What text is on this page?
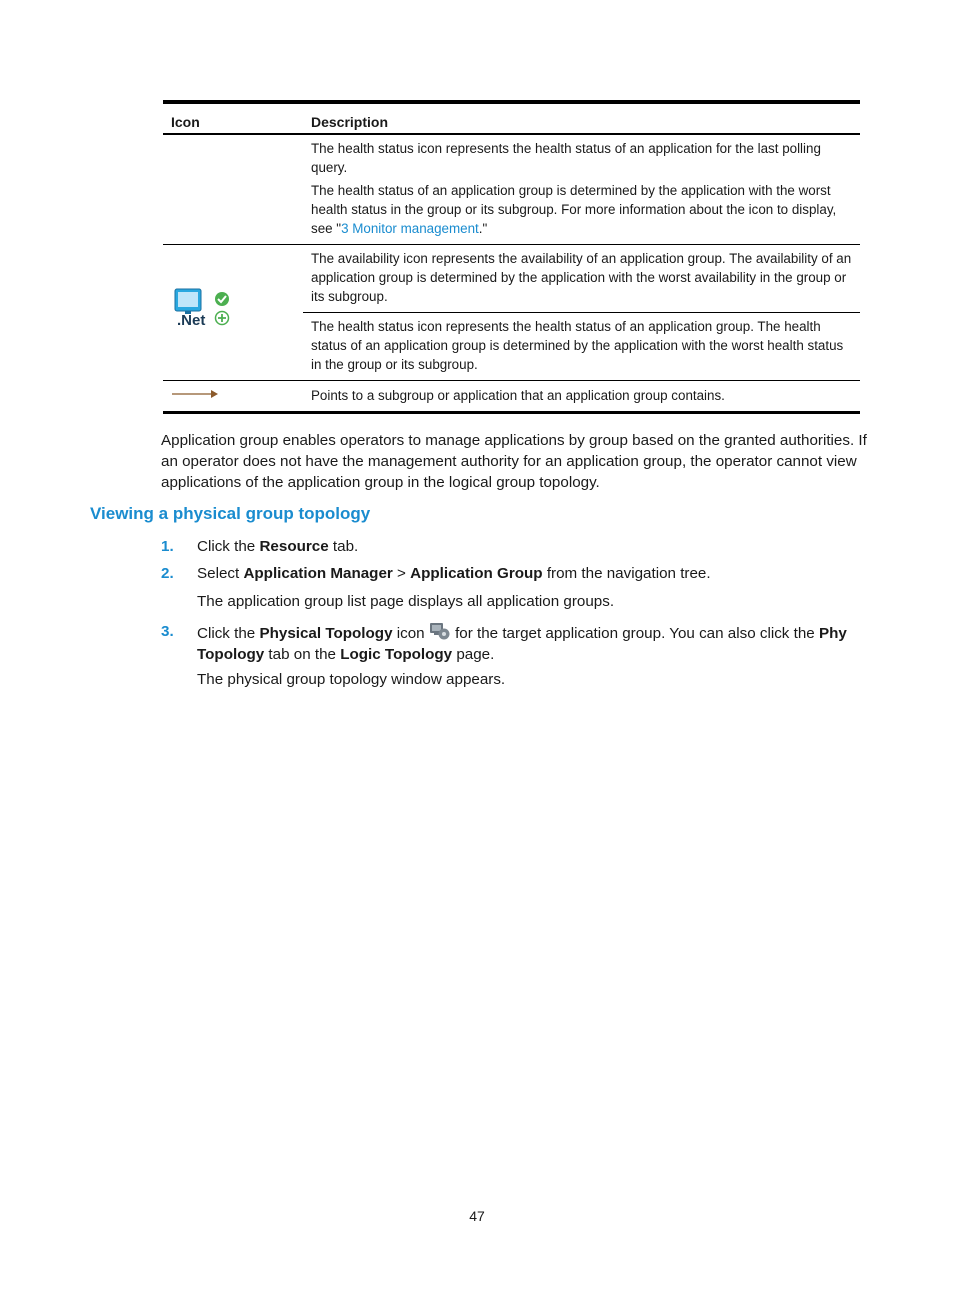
Icon	Description

	The health status icon represents the health status of an application for the last polling query.

The health status of an application group is determined by the application with the worst health status in the group or its subgroup. For more information about the icon to display, see "3 Monitor management."

.Net	The availability icon represents the availability of an application group. The availability of an application group is determined by the application with the worst availability in the group or its subgroup.

	The health status icon represents the health status of an application group. The health status of an application group is determined by the application with the worst health status in the group or its subgroup.

	Points to a subgroup or application that an application group contains.

Application group enables operators to manage applications by group based on the granted authorities. If an operator does not have the management authority for an application group, the operator cannot view applications of the application group in the logical group topology.

Viewing a physical group topology
1. Click the Resource tab.
2. Select Application Manager > Application Group from the navigation tree.

The application group list page displays all application groups.

3. Click the Physical Topology icon  for the target application group. You can also click the Phy Topology tab on the Logic Topology page.

The physical group topology window appears.

47
